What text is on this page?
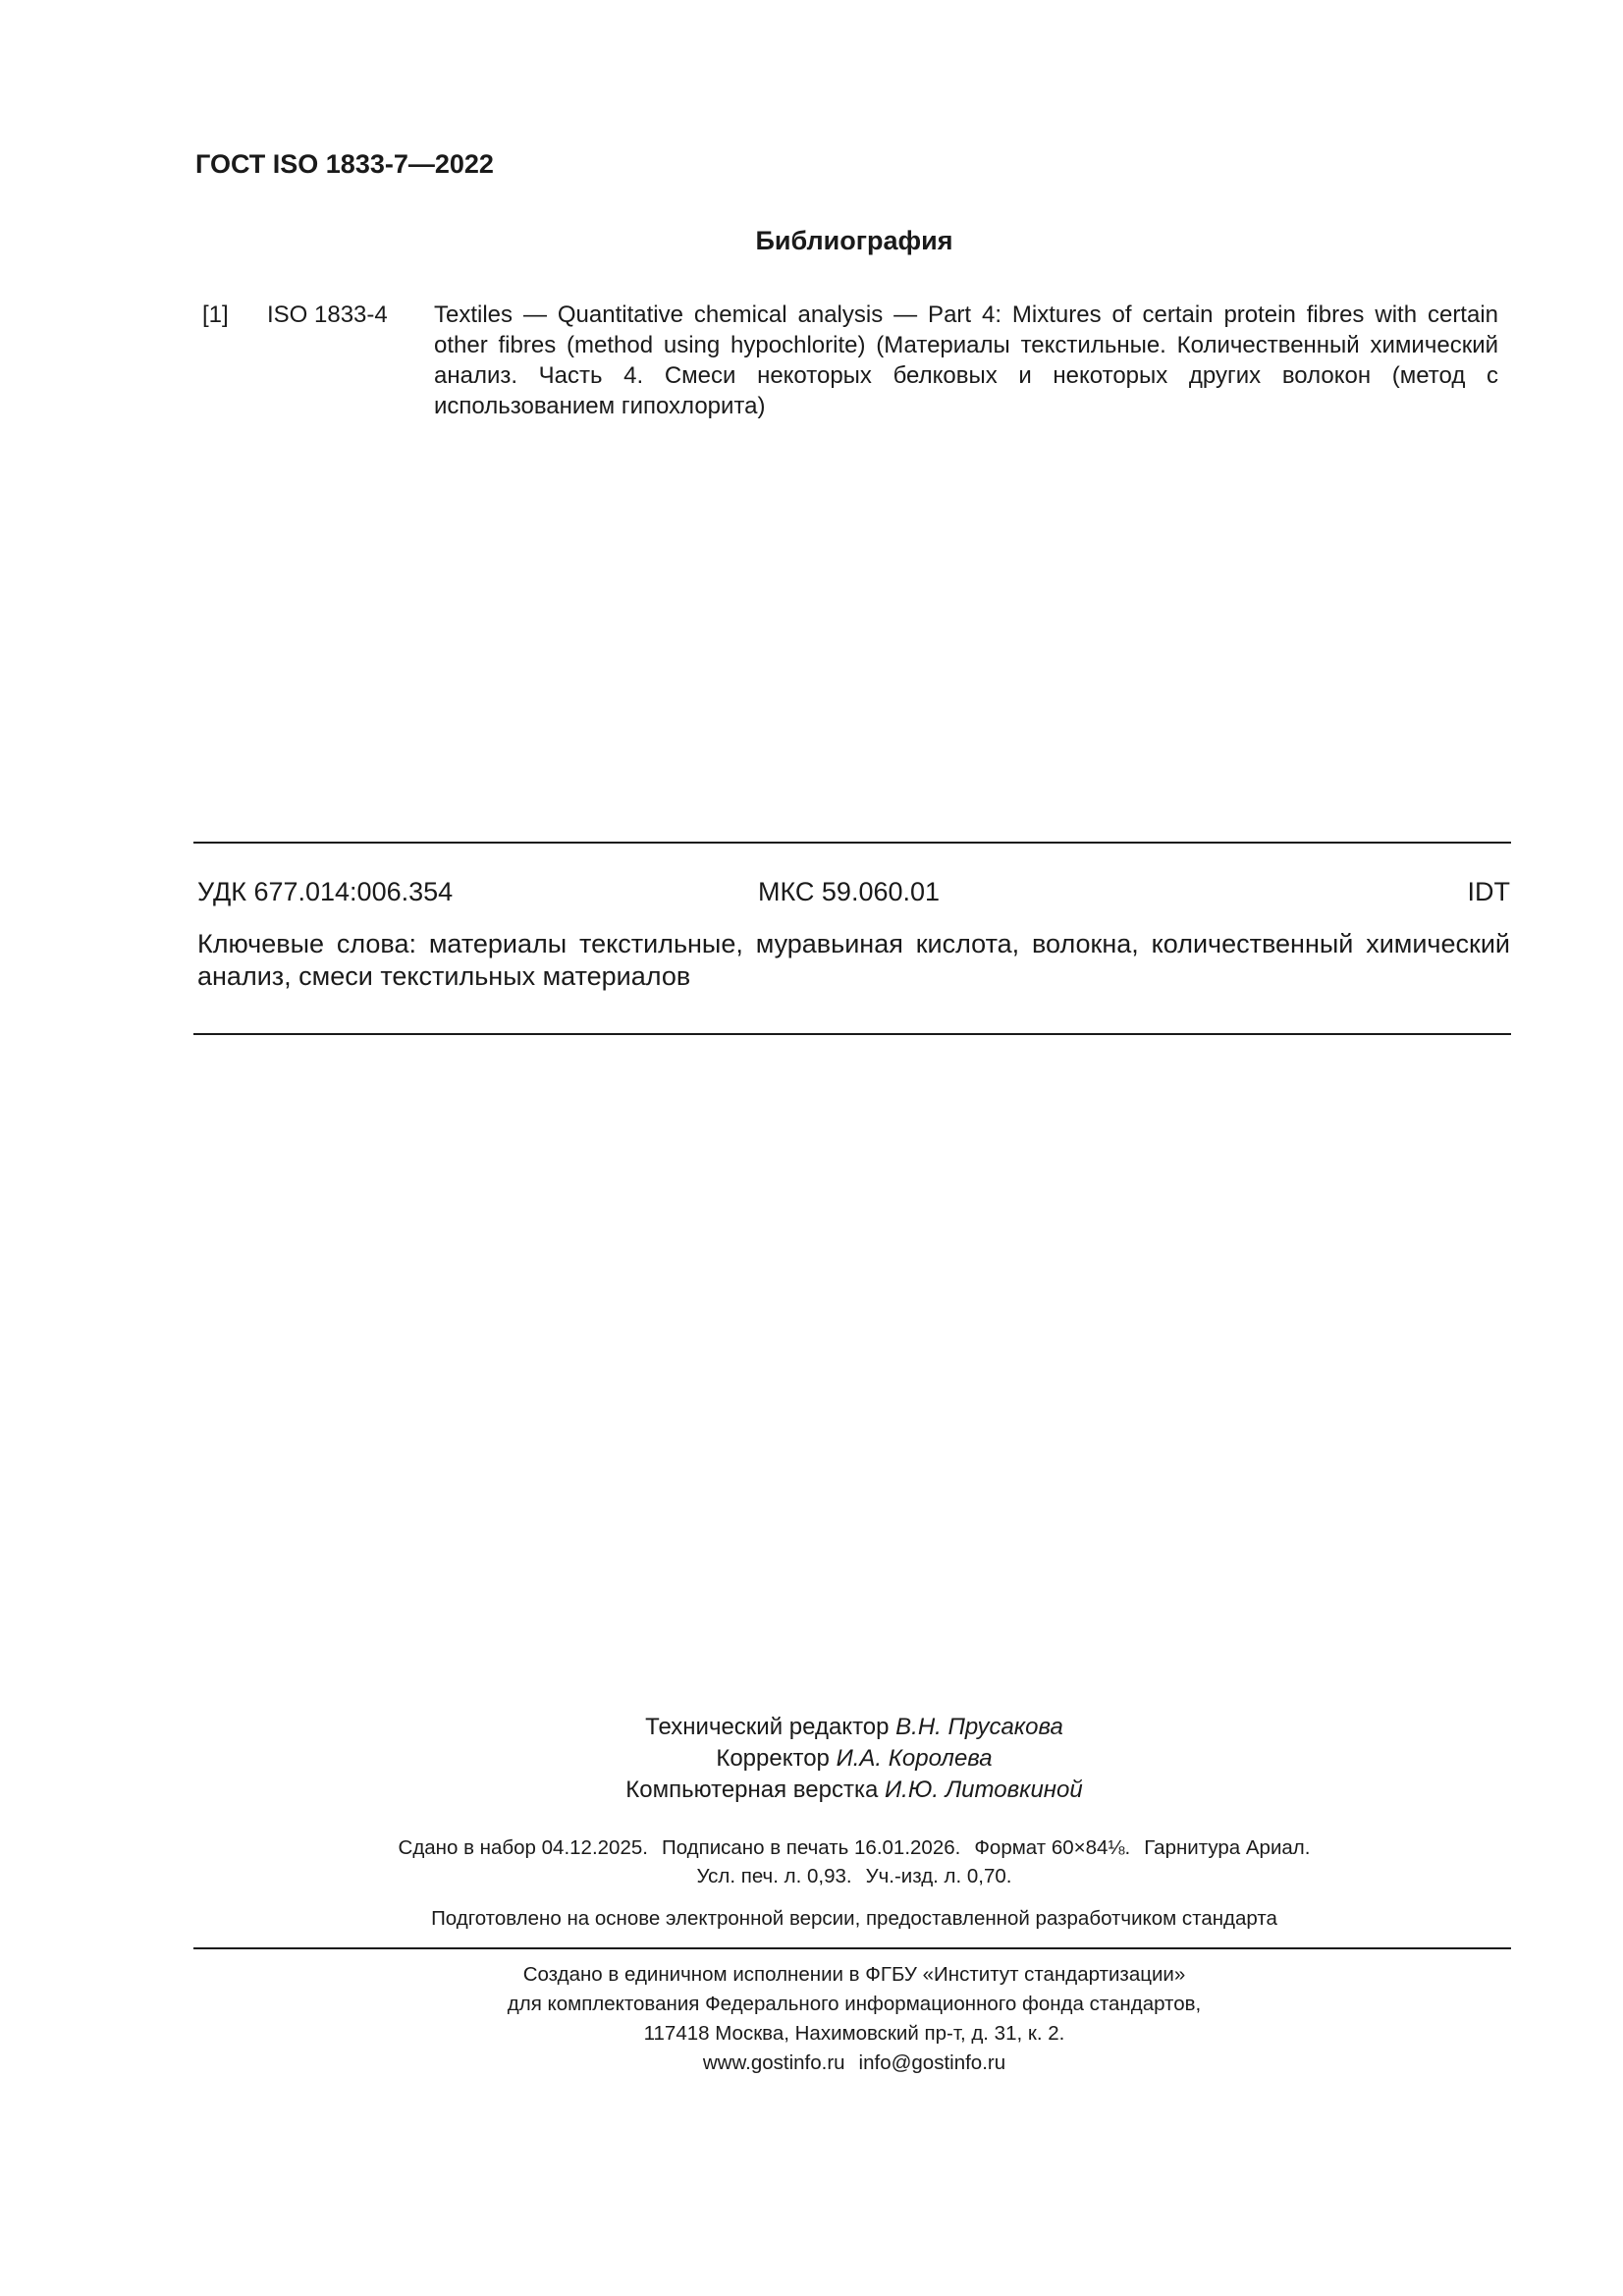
ГОСТ ISO 1833-7—2022
Библиография
[1] ISO 1833-4 Textiles — Quantitative chemical analysis — Part 4: Mixtures of certain protein fibres with certain other fibres (method using hypochlorite) (Материалы текстильные. Количественный химический анализ. Часть 4. Смеси некоторых белковых и некоторых других волокон (метод с использованием гипохлорита)
УДК 677.014:006.354	МКС 59.060.01	IDT
Ключевые слова: материалы текстильные, муравьиная кислота, волокна, количественный химический анализ, смеси текстильных материалов
Технический редактор В.Н. Прусакова
Корректор И.А. Королева
Компьютерная верстка И.Ю. Литовкиной
Сдано в набор 04.12.2025. Подписано в печать 16.01.2026. Формат 60×84⅛. Гарнитура Ариал.
Усл. печ. л. 0,93. Уч.-изд. л. 0,70.
Подготовлено на основе электронной версии, предоставленной разработчиком стандарта
Создано в единичном исполнении в ФГБУ «Институт стандартизации»
для комплектования Федерального информационного фонда стандартов,
117418 Москва, Нахимовский пр-т, д. 31, к. 2.
www.gostinfo.ru info@gostinfo.ru
